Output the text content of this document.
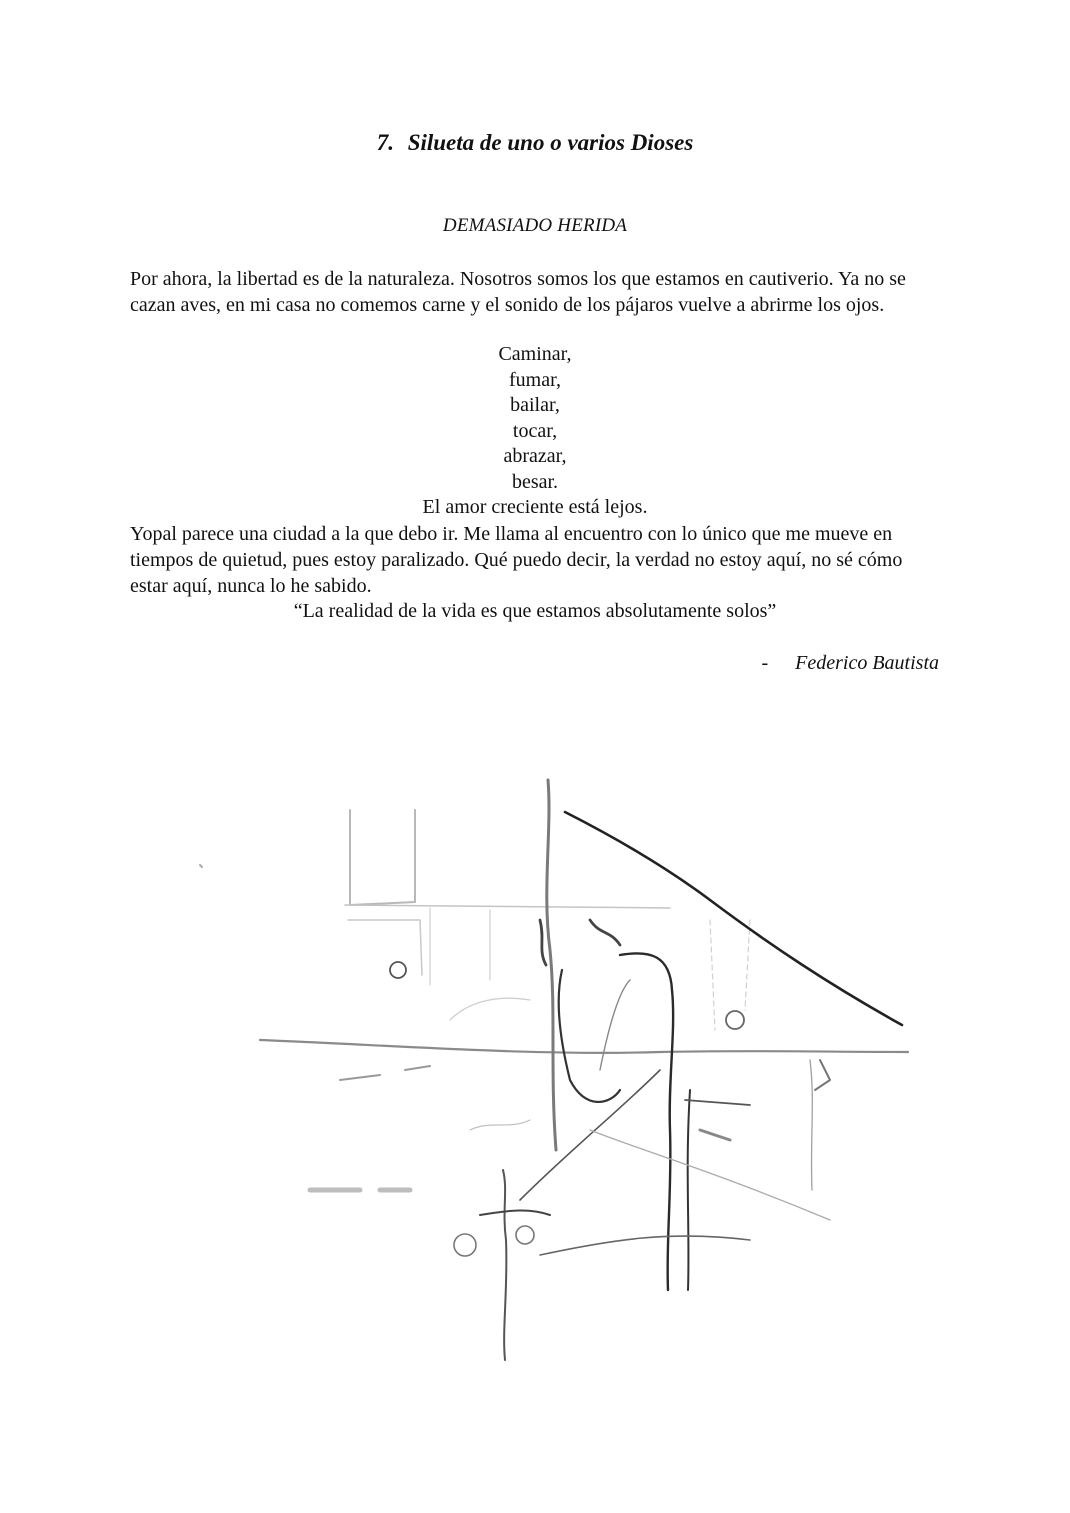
7. Silueta de uno o varios Dioses
DEMASIADO HERIDA

Por ahora, la libertad es de la naturaleza. Nosotros somos los que estamos en cautiverio. Ya no se cazan aves, en mi casa no comemos carne y el sonido de los pájaros vuelve a abrirme los ojos.

Caminar,
fumar,
bailar,
tocar,
abrazar,
besar.
El amor creciente está lejos.

Yopal parece una ciudad a la que debo ir. Me llama al encuentro con lo único que me mueve en tiempos de quietud, pues estoy paralizado. Qué puedo decir, la verdad no estoy aquí, no sé cómo estar aquí, nunca lo he sabido.

“La realidad de la vida es que estamos absolutamente solos”
- Federico Bautista
